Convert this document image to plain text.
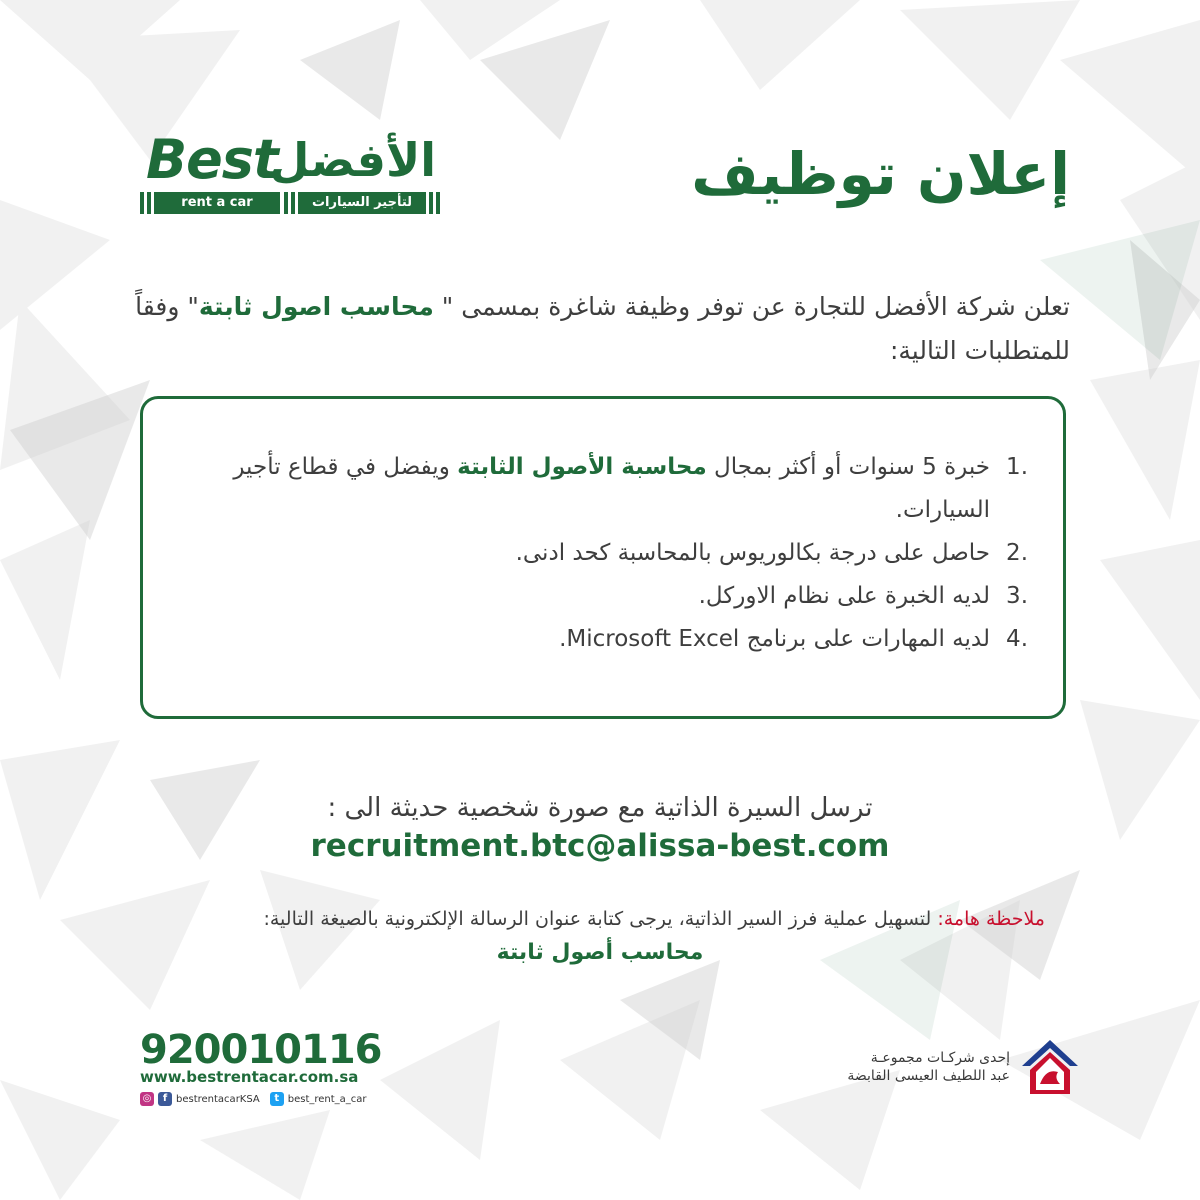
Best
الأفضل
rent a car	لتأجير السيارات	إعلان توظيف
تعلن شركة الأفضل للتجارة عن توفر وظيفة شاغرة بمسمى " محاسب اصول ثابتة" وفقاً للمتطلبات التالية:
.1
خبرة 5 سنوات أو أكثر بمجال محاسبة الأصول الثابتة ويفضل في قطاع تأجير السيارات.
.2
حاصل على درجة بكالوريوس بالمحاسبة كحد ادنى.
.3
لديه الخبرة على نظام الاوركل.
.4
لديه المهارات على برنامج Microsoft Excel.
ترسل السيرة الذاتية مع صورة شخصية حديثة الى :
recruitment.btc@alissa-best.com
ملاحظة هامة: لتسهيل عملية فرز السير الذاتية، يرجى كتابة عنوان الرسالة الإلكترونية بالصيغة التالية:
محاسب أصول ثابتة
920010116
www.bestrentacar.com.sa
◎	f bestrentacarKSA	t best_rent_a_car
إحدى شركـات مجموعـة
عبد اللطيف العيسى القابضة
